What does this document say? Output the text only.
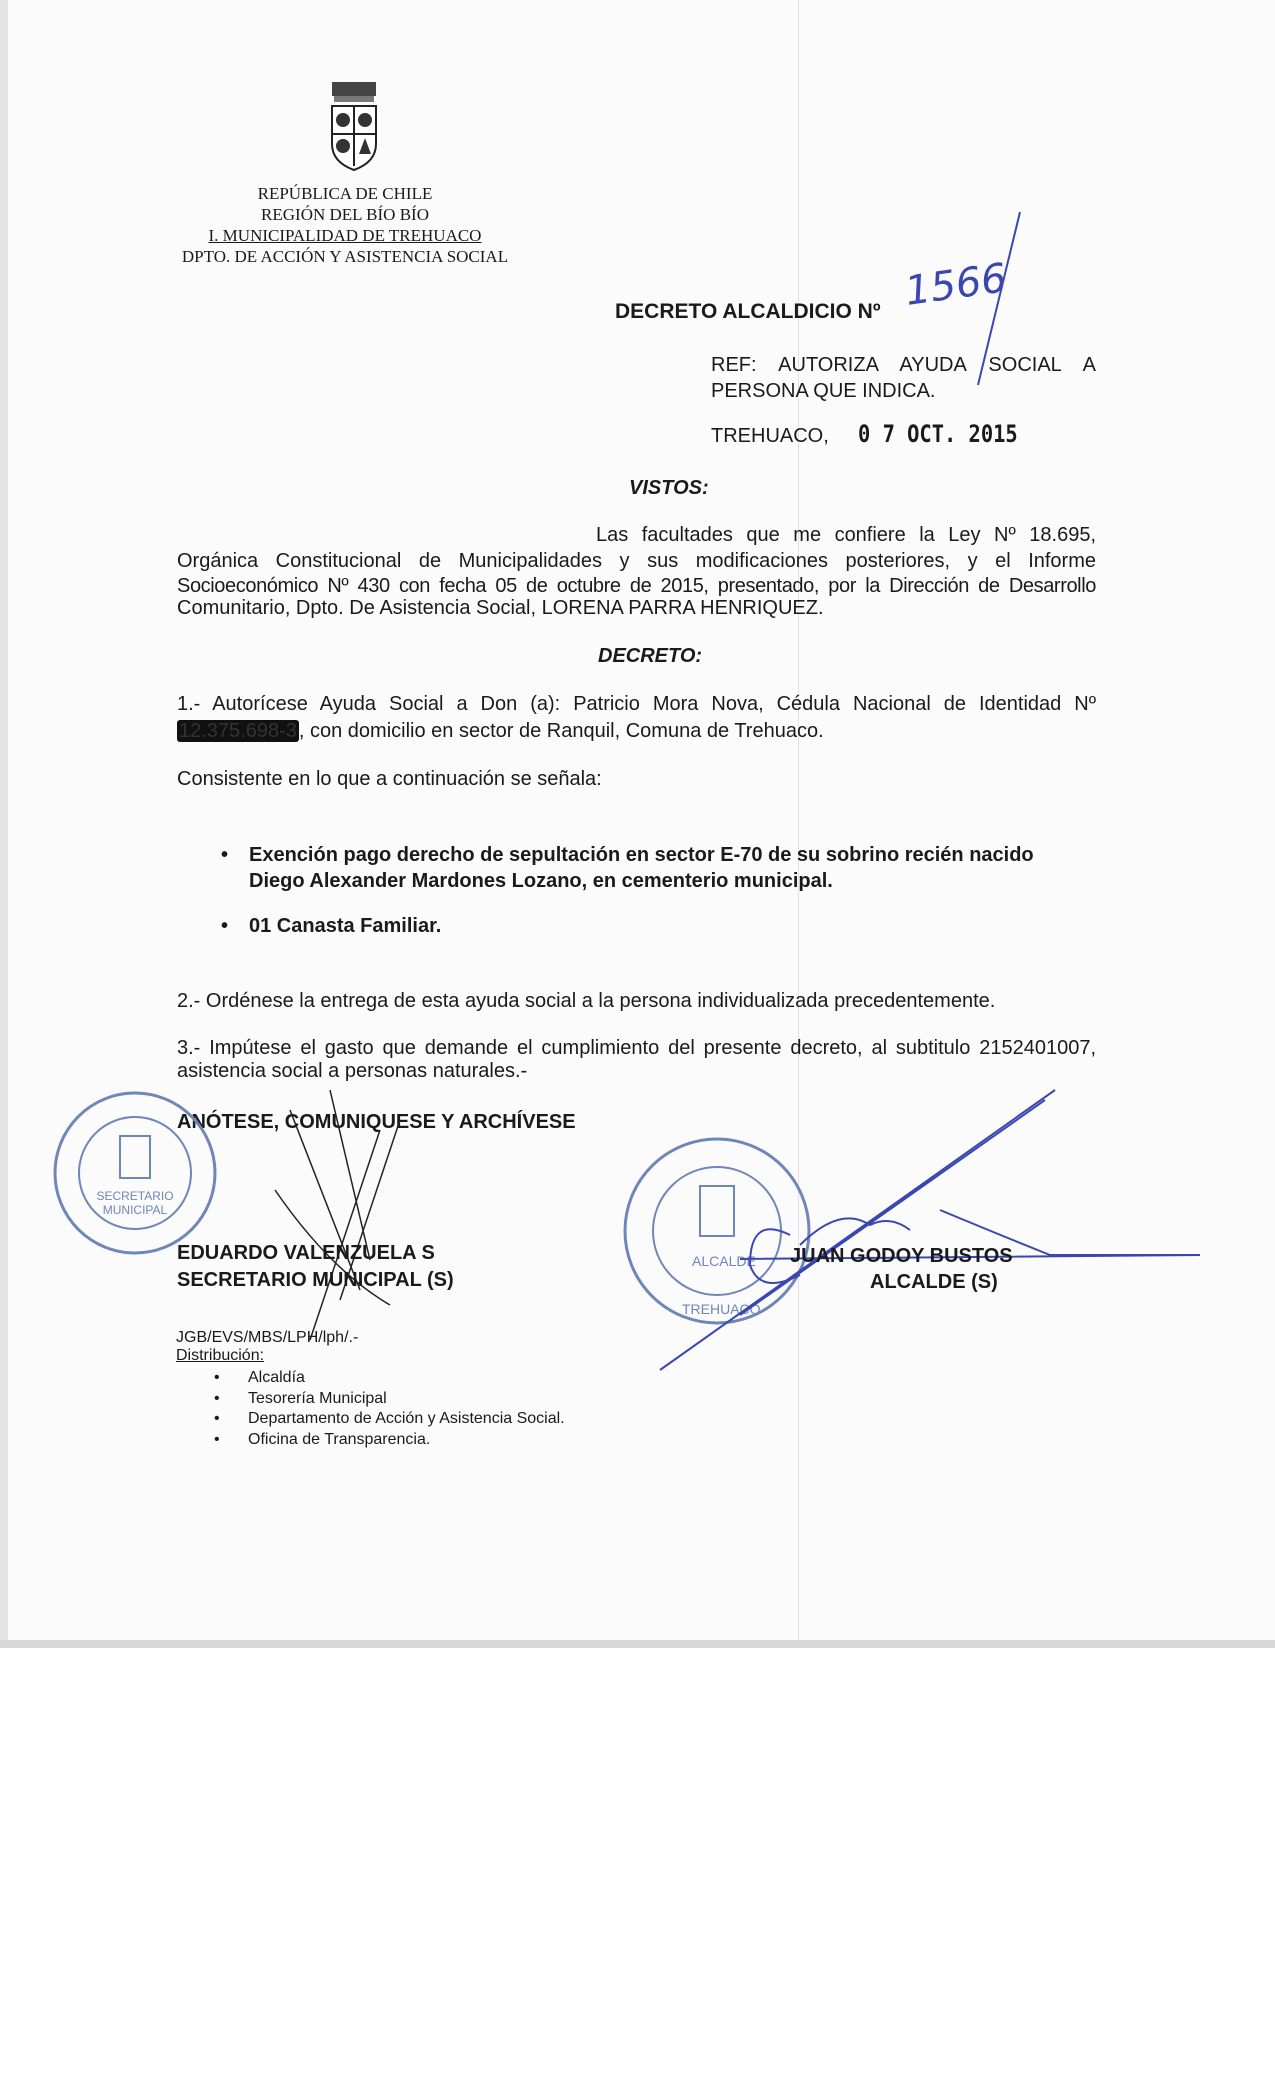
REPÚBLICA DE CHILE
REGIÓN DEL BÍO BÍO
I. MUNICIPALIDAD DE TREHUACO
DPTO. DE ACCIÓN Y ASISTENCIA SOCIAL
DECRETO ALCALDICIO Nº 1566
REF: AUTORIZA AYUDA SOCIAL A
PERSONA QUE INDICA.
TREHUACO, 0 7 OCT. 2015
VISTOS:
Las facultades que me confiere la Ley Nº 18.695,
Orgánica Constitucional de Municipalidades y sus modificaciones posteriores, y el Informe
Socioeconómico Nº 430 con fecha 05 de octubre de 2015, presentado, por la Dirección de Desarrollo
Comunitario, Dpto. De Asistencia Social, LORENA PARRA HENRIQUEZ.
DECRETO:
1.- Autorícese Ayuda Social a Don (a): Patricio Mora Nova, Cédula Nacional de Identidad Nº
12.375.698-3 , con domicilio en sector de Ranquil, Comuna de Trehuaco.
Consistente en lo que a continuación se señala:
• Exención pago derecho de sepultación en sector E-70 de su sobrino recién nacido
Diego Alexander Mardones Lozano, en cementerio municipal.
• 01 Canasta Familiar.
2.- Ordénese la entrega de esta ayuda social a la persona individualizada precedentemente.
3.- Impútese el gasto que demande el cumplimiento del presente decreto, al subtitulo 2152401007,
asistencia social a personas naturales.-
ANÓTESE, COMUNIQUESE Y ARCHÍVESE
SECRETARIO
MUNICIPAL
ALCALDE
TREHUACO
EDUARDO VALENZUELA S
SECRETARIO MUNICIPAL (S)
JUAN GODOY BUSTOS
ALCALDE (S)
JGB/EVS/MBS/LPH/lph/.-
Distribución:
• Alcaldía
• Tesorería Municipal
• Departamento de Acción y Asistencia Social.
• Oficina de Transparencia.
